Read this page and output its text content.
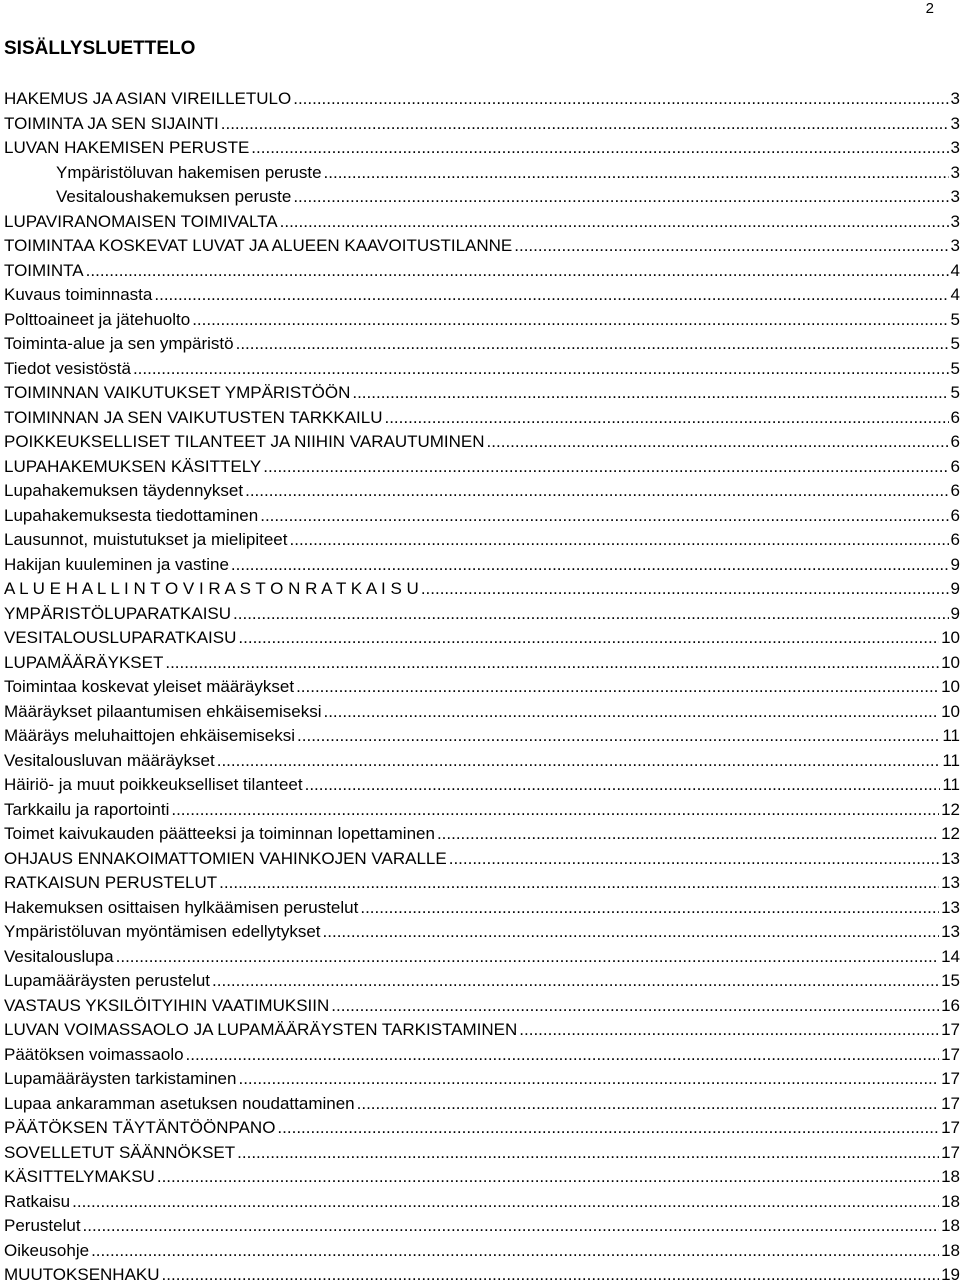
2
SISÄLLYSLUETTELO
HAKEMUS JA ASIAN VIREILLETULO .....	3
TOIMINTA JA SEN SIJAINTI .....	3
LUVAN HAKEMISEN PERUSTE .....	3
Ympäristöluvan hakemisen peruste .....	3
Vesitaloushakemuksen peruste .....	3
LUPAVIRANOMAISEN TOIMIVALTA .....	3
TOIMINTAA KOSKEVAT LUVAT JA ALUEEN KAAVOITUSTILANNE .....	3
TOIMINTA .....	4
Kuvaus toiminnasta .....	4
Polttoaineet ja jätehuolto .....	5
Toiminta-alue ja sen ympäristö .....	5
Tiedot vesistöstä .....	5
TOIMINNAN VAIKUTUKSET YMPÄRISTÖÖN .....	5
TOIMINNAN JA SEN VAIKUTUSTEN TARKKAILU .....	6
POIKKEUKSELLISET TILANTEET JA NIIHIN VARAUTUMINEN .....	6
LUPAHAKEMUKSEN KÄSITTELY .....	6
Lupahakemuksen täydennykset .....	6
Lupahakemuksesta tiedottaminen .....	6
Lausunnot, muistutukset ja mielipiteet .....	6
Hakijan kuuleminen ja vastine .....	9
A L U E H A L L I N T O V I R A S T O N R A T K A I S U .....	9
YMPÄRISTÖLUPARATKAISU .....	9
VESITALOUSLUPARATKAISU .....	10
LUPAMÄÄRÄYKSET .....	10
Toimintaa koskevat yleiset määräykset .....	10
Määräykset pilaantumisen ehkäisemiseksi .....	10
Määräys meluhaittojen ehkäisemiseksi .....	11
Vesitalousluvan määräykset .....	11
Häiriö- ja muut poikkeukselliset tilanteet .....	11
Tarkkailu ja raportointi .....	12
Toimet kaivukauden päätteeksi ja toiminnan lopettaminen .....	12
OHJAUS ENNAKOIMATTOMIEN VAHINKOJEN VARALLE .....	13
RATKAISUN PERUSTELUT .....	13
Hakemuksen osittaisen hylkäämisen perustelut .....	13
Ympäristöluvan myöntämisen edellytykset .....	13
Vesitalouslupa .....	14
Lupamääräysten perustelut .....	15
VASTAUS YKSILÖITYIHIN VAATIMUKSIIN .....	16
LUVAN VOIMASSAOLO JA LUPAMÄÄRÄYSTEN TARKISTAMINEN .....	17
Päätöksen voimassaolo .....	17
Lupamääräysten tarkistaminen .....	17
Lupaa ankaramman asetuksen noudattaminen .....	17
PÄÄTÖKSEN TÄYTÄNTÖÖNPANO .....	17
SOVELLETUT SÄÄNNÖKSET .....	17
KÄSITTELYMAKSU .....	18
Ratkaisu .....	18
Perustelut .....	18
Oikeusohje .....	18
MUUTOKSENHAKU .....	19
